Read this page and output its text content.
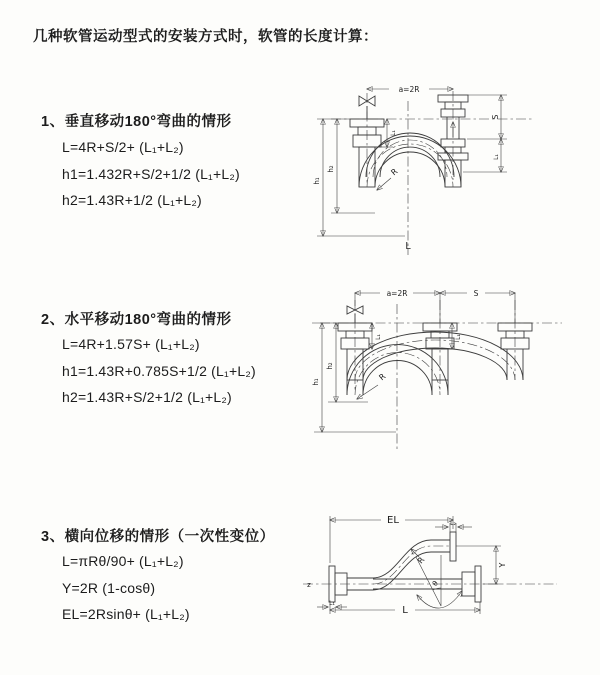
几种软管运动型式的安装方式时，软管的长度计算：
1、垂直移动180°弯曲的情形
L=4R+S/2+ (L₁+L₂)
h1=1.432R+S/2+1/2 (L₁+L₂)
h2=1.43R+1/2 (L₁+L₂)
a=2R
R
L
h₁
h₂
L₁
S
L₁
2、水平移动180°弯曲的情形
L=4R+1.57S+ (L₁+L₂)
h1=1.43R+0.785S+1/2 (L₁+L₂)
h2=1.43R+S/2+1/2 (L₁+L₂)
a=2R	S
R
h₁
h₂
L₁	L₁
3、横向位移的情形（一次性变位）
L=πRθ/90+ (L₁+L₂)
Y=2R (1-cosθ)
EL=2Rsinθ+ (L₁+L₂)
z
EL	L₂
Y
L
L₁
θ
R
